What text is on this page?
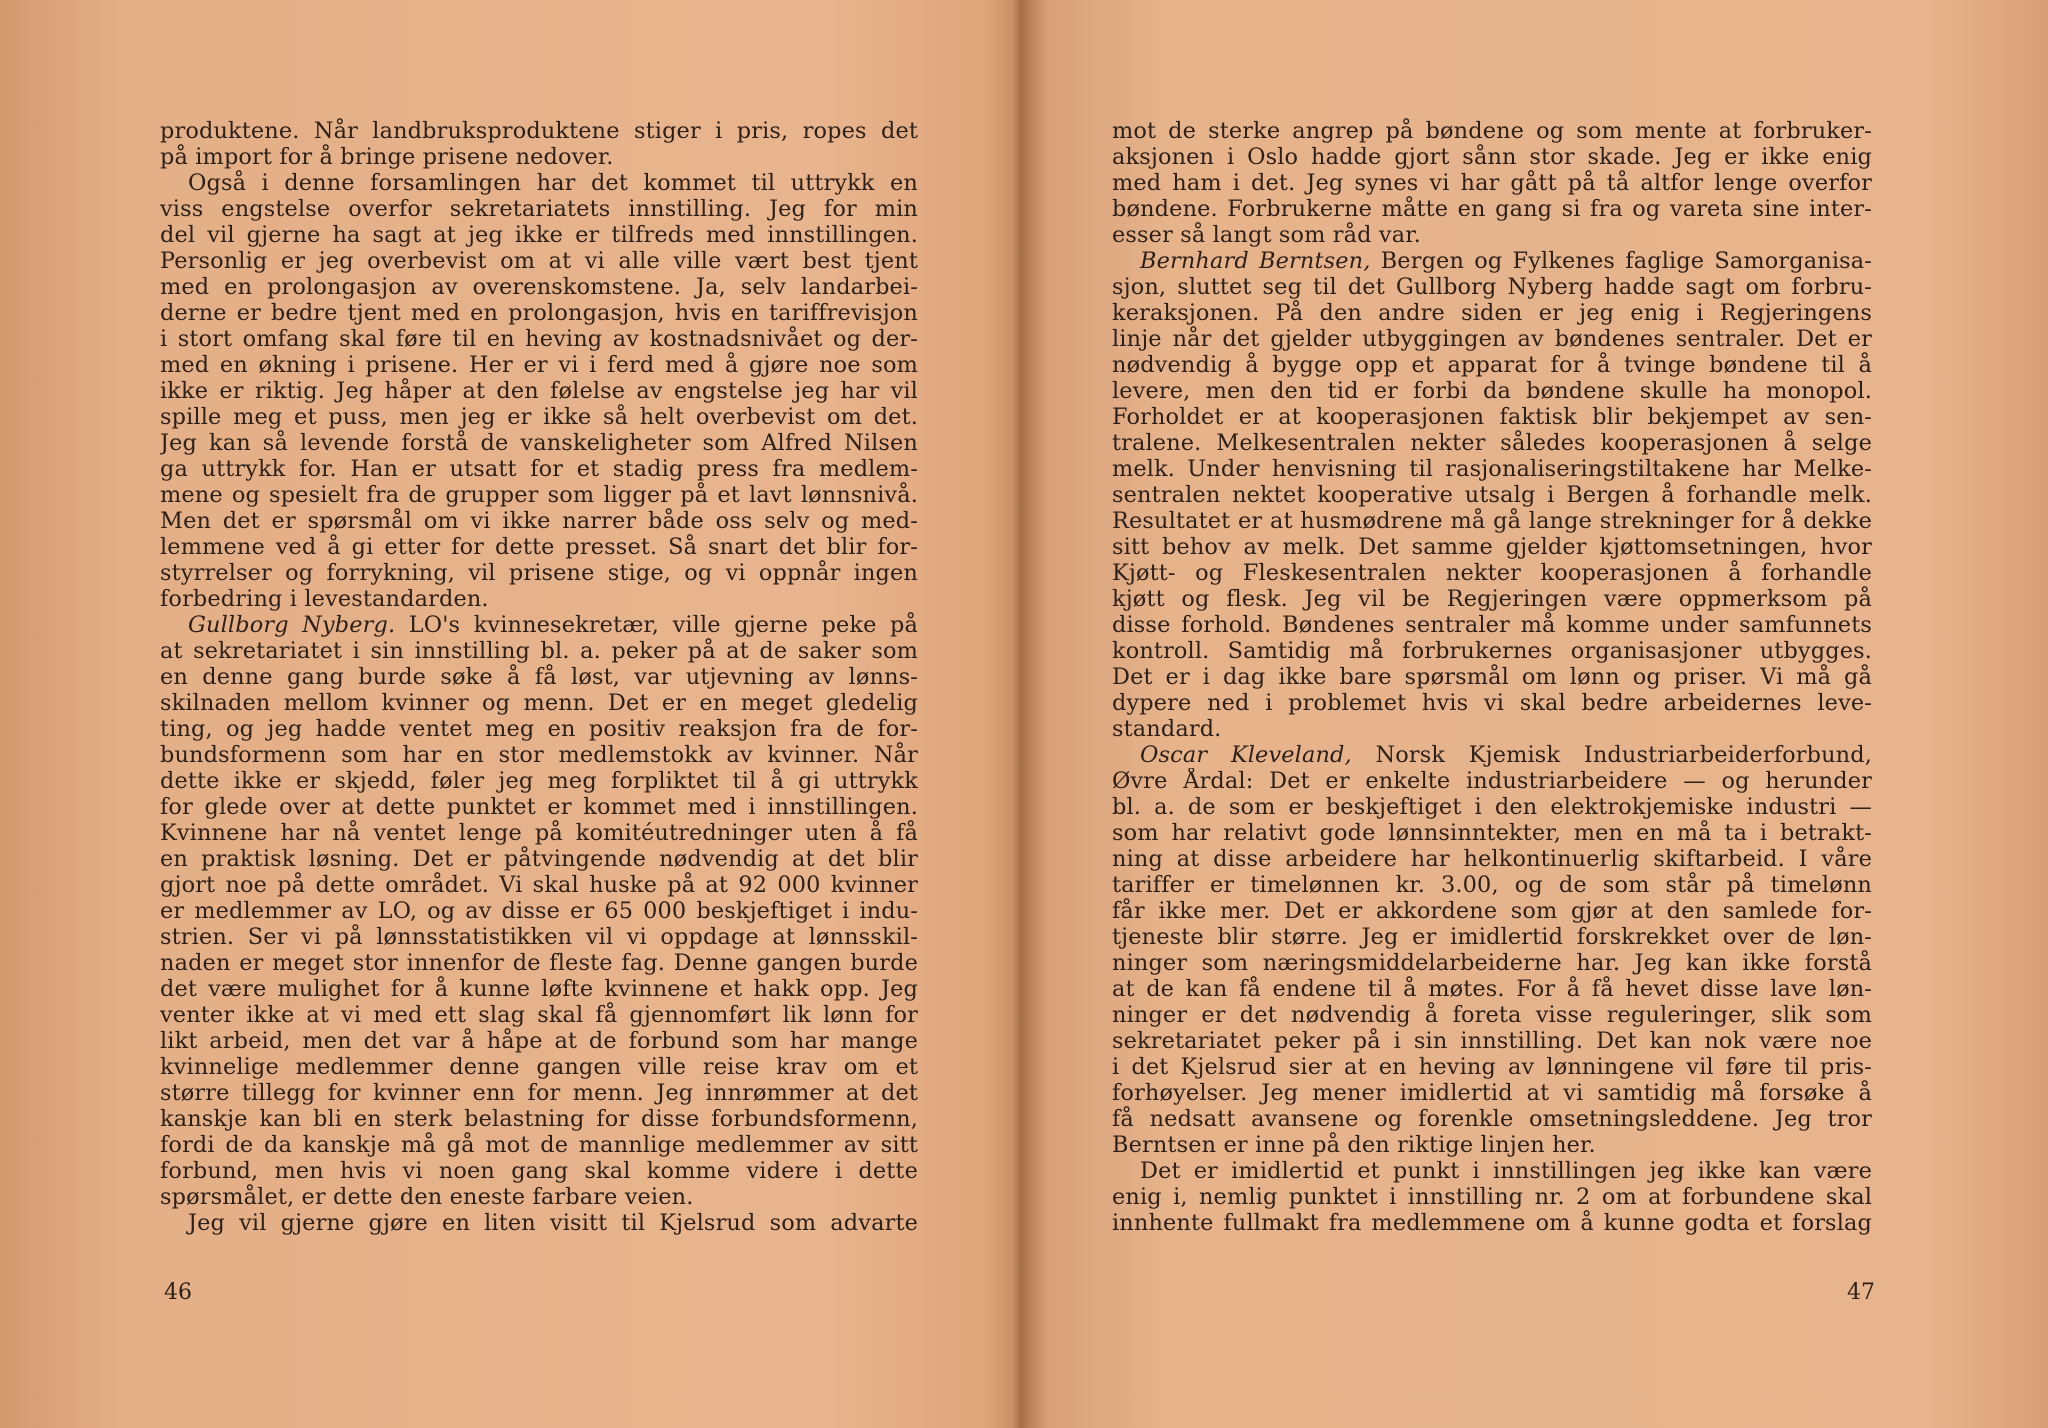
produktene. Når landbruksproduktene stiger i pris, ropes det

på import for å bringe prisene nedover.

Også i denne forsamlingen har det kommet til uttrykk en

viss engstelse overfor sekretariatets innstilling. Jeg for min

del vil gjerne ha sagt at jeg ikke er tilfreds med innstillingen.

Personlig er jeg overbevist om at vi alle ville vært best tjent

med en prolongasjon av overenskomstene. Ja, selv landarbei-

derne er bedre tjent med en prolongasjon, hvis en tariffrevisjon

i stort omfang skal føre til en heving av kostnadsnivået og der-

med en økning i prisene. Her er vi i ferd med å gjøre noe som

ikke er riktig. Jeg håper at den følelse av engstelse jeg har vil

spille meg et puss, men jeg er ikke så helt overbevist om det.

Jeg kan så levende forstå de vanskeligheter som Alfred Nilsen

ga uttrykk for. Han er utsatt for et stadig press fra medlem-

mene og spesielt fra de grupper som ligger på et lavt lønnsnivå.

Men det er spørsmål om vi ikke narrer både oss selv og med-

lemmene ved å gi etter for dette presset. Så snart det blir for-

styrrelser og forrykning, vil prisene stige, og vi oppnår ingen

forbedring i levestandarden.

Gullborg Nyberg. LO's kvinnesekretær, ville gjerne peke på

at sekretariatet i sin innstilling bl. a. peker på at de saker som

en denne gang burde søke å få løst, var utjevning av lønns-

skilnaden mellom kvinner og menn. Det er en meget gledelig

ting, og jeg hadde ventet meg en positiv reaksjon fra de for-

bundsformenn som har en stor medlemstokk av kvinner. Når

dette ikke er skjedd, føler jeg meg forpliktet til å gi uttrykk

for glede over at dette punktet er kommet med i innstillingen.

Kvinnene har nå ventet lenge på komitéutredninger uten å få

en praktisk løsning. Det er påtvingende nødvendig at det blir

gjort noe på dette området. Vi skal huske på at 92 000 kvinner

er medlemmer av LO, og av disse er 65 000 beskjeftiget i indu-

strien. Ser vi på lønnsstatistikken vil vi oppdage at lønnsskil-

naden er meget stor innenfor de fleste fag. Denne gangen burde

det være mulighet for å kunne løfte kvinnene et hakk opp. Jeg

venter ikke at vi med ett slag skal få gjennomført lik lønn for

likt arbeid, men det var å håpe at de forbund som har mange

kvinnelige medlemmer denne gangen ville reise krav om et

større tillegg for kvinner enn for menn. Jeg innrømmer at det

kanskje kan bli en sterk belastning for disse forbundsformenn,

fordi de da kanskje må gå mot de mannlige medlemmer av sitt

forbund, men hvis vi noen gang skal komme videre i dette

spørsmålet, er dette den eneste farbare veien.

Jeg vil gjerne gjøre en liten visitt til Kjelsrud som advarte

46

mot de sterke angrep på bøndene og som mente at forbruker-

aksjonen i Oslo hadde gjort sånn stor skade. Jeg er ikke enig

med ham i det. Jeg synes vi har gått på tå altfor lenge overfor

bøndene. Forbrukerne måtte en gang si fra og vareta sine inter-

esser så langt som råd var.

Bernhard Berntsen, Bergen og Fylkenes faglige Samorganisa-

sjon, sluttet seg til det Gullborg Nyberg hadde sagt om forbru-

keraksjonen. På den andre siden er jeg enig i Regjeringens

linje når det gjelder utbyggingen av bøndenes sentraler. Det er

nødvendig å bygge opp et apparat for å tvinge bøndene til å

levere, men den tid er forbi da bøndene skulle ha monopol.

Forholdet er at kooperasjonen faktisk blir bekjempet av sen-

tralene. Melkesentralen nekter således kooperasjonen å selge

melk. Under henvisning til rasjonaliseringstiltakene har Melke-

sentralen nektet kooperative utsalg i Bergen å forhandle melk.

Resultatet er at husmødrene må gå lange strekninger for å dekke

sitt behov av melk. Det samme gjelder kjøttomsetningen, hvor

Kjøtt- og Fleskesentralen nekter kooperasjonen å forhandle

kjøtt og flesk. Jeg vil be Regjeringen være oppmerksom på

disse forhold. Bøndenes sentraler må komme under samfunnets

kontroll. Samtidig må forbrukernes organisasjoner utbygges.

Det er i dag ikke bare spørsmål om lønn og priser. Vi må gå

dypere ned i problemet hvis vi skal bedre arbeidernes leve-

standard.

Oscar Kleveland, Norsk Kjemisk Industriarbeiderforbund,

Øvre Årdal: Det er enkelte industriarbeidere — og herunder

bl. a. de som er beskjeftiget i den elektrokjemiske industri —

som har relativt gode lønnsinntekter, men en må ta i betrakt-

ning at disse arbeidere har helkontinuerlig skiftarbeid. I våre

tariffer er timelønnen kr. 3.00, og de som står på timelønn

får ikke mer. Det er akkordene som gjør at den samlede for-

tjeneste blir større. Jeg er imidlertid forskrekket over de løn-

ninger som næringsmiddelarbeiderne har. Jeg kan ikke forstå

at de kan få endene til å møtes. For å få hevet disse lave løn-

ninger er det nødvendig å foreta visse reguleringer, slik som

sekretariatet peker på i sin innstilling. Det kan nok være noe

i det Kjelsrud sier at en heving av lønningene vil føre til pris-

forhøyelser. Jeg mener imidlertid at vi samtidig må forsøke å

få nedsatt avansene og forenkle omsetningsleddene. Jeg tror

Berntsen er inne på den riktige linjen her.

Det er imidlertid et punkt i innstillingen jeg ikke kan være

enig i, nemlig punktet i innstilling nr. 2 om at forbundene skal

innhente fullmakt fra medlemmene om å kunne godta et forslag

47
